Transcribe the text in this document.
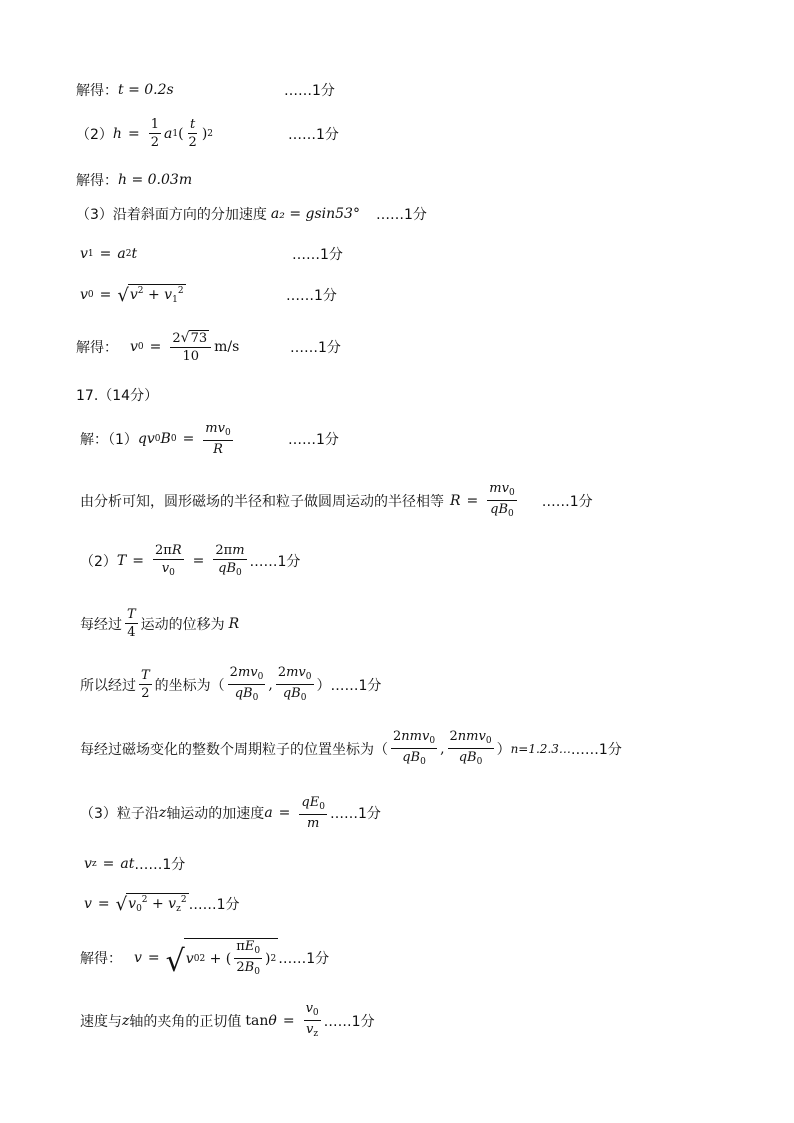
解得： t = 0.2s	……1分
（2） $h = \frac{1}{2}$ a 1 ( $\frac{t}{2}$ ) 2	……1分
解得： h = 0.03m
（3）沿着斜面方向的分加速度 a₂ = gsin53° ……1分
v 1 = a 2 t	……1分
v 0 = √ $v^2 + v_1^2$	……1分
解得： v $0 = \frac{2 √ 73}{10} m/s$	……1分
17.（14分）
解：（1） qv 0 B $0 = \frac{mv_0}{R}$	……1分
由分析可知，圆形磁场的半径和粒子做圆周运动的半径相等 $R = \frac{mv_0}{qB_0}$ ……1分
（2） $T = \frac{2\pi R}{v_0} = \frac{2\pi m}{qB_0}$ ……1分
每经过 $\frac{T}{4}$ 运动的位移为 R
所以经过 $\frac{T}{2}$ 的坐标为（ $\frac{2mv_0}{qB_0}$ , $\frac{2mv_0}{qB_0}$ ） ……1分
每经过磁场变化的整数个周期粒子的位置坐标为（ $\frac{2nmv_0}{qB_0}$ , $\frac{2nmv_0}{qB_0}$ ） n=1.2.3… ……1分
（3）粒子沿 z 轴运动的加速度 $a = \frac{qE_0}{m}$ ……1分
v z = at ……1分
v = √ $v_0^2 + v_z^2$ ……1分
解得： v = √ v 0 2 + ( $\frac{\pi E_0}{2B_0}$ ) 2 ……1分
速度与 z 轴的夹角的正切值 $\tan\theta = \frac{v_0}{v_z}$ ……1分
